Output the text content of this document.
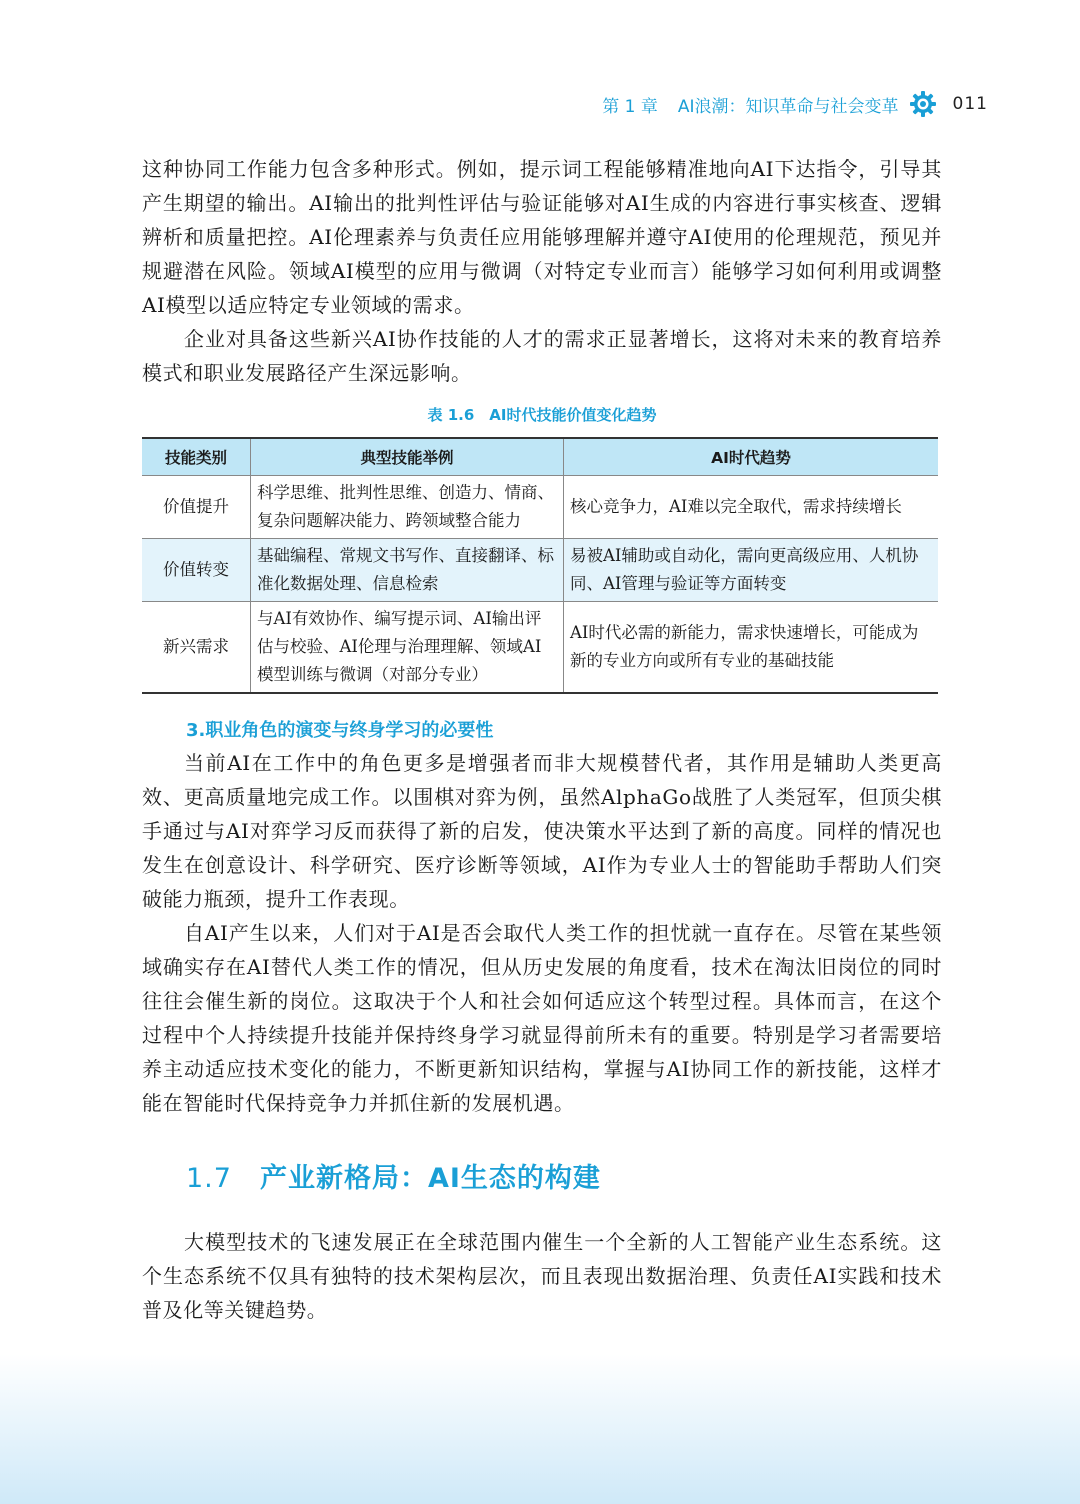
第 1 章 AI浪潮：知识革命与社会变革	011

这种协同工作能力包含多种形式。例如，提示词工程能够精准地向AI下达指令，引导其产生期望的输出。AI输出的批判性评估与验证能够对AI生成的内容进行事实核查、逻辑辨析和质量把控。AI伦理素养与负责任应用能够理解并遵守AI使用的伦理规范，预见并规避潜在风险。领域AI模型的应用与微调（对特定专业而言）能够学习如何利用或调整AI模型以适应特定专业领域的需求。

企业对具备这些新兴AI协作技能的人才的需求正显著增长，这将对未来的教育培养模式和职业发展路径产生深远影响。

表 1.6　AI时代技能价值变化趋势
技能类别	典型技能举例	AI时代趋势
价值提升	科学思维、批判性思维、创造力、情商、复杂问题解决能力、跨领域整合能力	核心竞争力，AI难以完全取代，需求持续增长
价值转变	基础编程、常规文书写作、直接翻译、标准化数据处理、信息检索	易被AI辅助或自动化，需向更高级应用、人机协同、AI管理与验证等方面转变
新兴需求	与AI有效协作、编写提示词、AI输出评估与校验、AI伦理与治理理解、领域AI模型训练与微调（对部分专业）	AI时代必需的新能力，需求快速增长，可能成为新的专业方向或所有专业的基础技能
3.职业角色的演变与终身学习的必要性

当前AI在工作中的角色更多是增强者而非大规模替代者，其作用是辅助人类更高效、更高质量地完成工作。以围棋对弈为例，虽然AlphaGo战胜了人类冠军，但顶尖棋手通过与AI对弈学习反而获得了新的启发，使决策水平达到了新的高度。同样的情况也发生在创意设计、科学研究、医疗诊断等领域，AI作为专业人士的智能助手帮助人们突破能力瓶颈，提升工作表现。

自AI产生以来，人们对于AI是否会取代人类工作的担忧就一直存在。尽管在某些领域确实存在AI替代人类工作的情况，但从历史发展的角度看，技术在淘汰旧岗位的同时往往会催生新的岗位。这取决于个人和社会如何适应这个转型过程。具体而言，在这个过程中个人持续提升技能并保持终身学习就显得前所未有的重要。特别是学习者需要培养主动适应技术变化的能力，不断更新知识结构，掌握与AI协同工作的新技能，这样才能在智能时代保持竞争力并抓住新的发展机遇。

1.7 产业新格局：AI生态的构建

大模型技术的飞速发展正在全球范围内催生一个全新的人工智能产业生态系统。这个生态系统不仅具有独特的技术架构层次，而且表现出数据治理、负责任AI实践和技术普及化等关键趋势。
